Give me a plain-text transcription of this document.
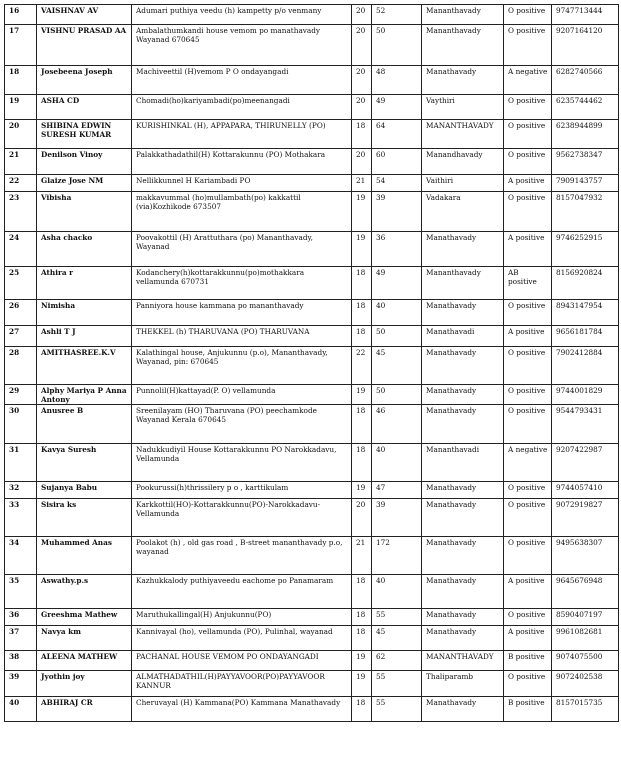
16	VAISHNAV AV	Adumari puthiya veedu (h) kampetty p/o venmany	20	52	Mananthavady	O positive	9747713444
17	VISHNU PRASAD AA	Ambalathumkandi house vemom po manathavady Wayanad 670645	20	50	Mananthavady	O positive	9207164120
18	Josebeena Joseph	Machiveettil (H)vemom P O ondayangadi	20	48	Manathavady	A negative	6282740566
19	ASHA CD	Chomadi(ho)kariyambadi(po)meenangadi	20	49	Vaythiri	O positive	6235744462
20	SHIBINA EDWIN SURESH KUMAR	KURISHINKAL (H), APPAPARA, THIRUNELLY (PO)	18	64	MANANTHAVADY	O positive	6238944899
21	Denilson Vinoy	Palakkathadathil(H) Kottarakunnu (PO) Mothakara	20	60	Manandhavady	O positive	9562738347
22	Glaize Jose NM	Nellikkunnel H Kariambadi PO	21	54	Vaithiri	A positive	7909143757
23	Vibisha	makkavummal (ho)mullambath(po) kakkattil (via)Kozhikode 673507	19	39	Vadakara	O positive	8157047932
24	Asha chacko	Poovakottil (H) Arattuthara (po) Mananthavady, Wayanad	19	36	Manathavady	A positive	9746252915
25	Athira r	Kodanchery(h)kottarakkunnu(po)mothakkara vellamunda 670731	18	49	Mananthavady	AB positive	8156920824
26	Nimisha	Panniyora house kammana po mananthavady	18	40	Manathavady	O positive	8943147954
27	Ashli T J	THEKKEL (h) THARUVANA (PO) THARUVANA	18	50	Manathavadi	A positive	9656181784
28	AMITHASREE.K.V	Kalathingal house, Anjukunnu (p.o), Mananthavady, Wayanad, pin: 670645	22	45	Manathavady	O positive	7902412884
29	Alphy Mariya P Anna Antony	Punnolil(H)kattayad(P. O) vellamunda	19	50	Manathavady	O positive	9744001829
30	Anusree B	Sreenilayam (HO) Tharuvana (PO) peechamkode Wayanad Kerala 670645	18	46	Manathavady	O positive	9544793431
31	Kavya Suresh	Nadukkudiyil House Kottarakkunnu PO Narokkadavu, Vellamunda	18	40	Mananthavadi	A negative	9207422987
32	Sujanya Babu	Pookurussi(h)thrissilery p o , karttikulam	19	47	Manathavady	O positive	9744057410
33	Sisira ks	Karkkottil(HO)-Kottarakkunnu(PO)-Narokkadavu-Vellamunda	20	39	Manathavady	O positive	9072919827
34	Muhammed Anas	Poolakot (h) , old gas road , B-street mananthavady p.o, wayanad	21	172	Manathavady	O positive	9495638307
35	Aswathy.p.s	Kazhukkalody puthiyaveedu eachome po Panamaram	18	40	Manathavady	A positive	9645676948
36	Greeshma Mathew	Maruthukallingal(H) Anjukunnu(PO)	18	55	Manathavady	O positive	8590407197
37	Navya km	Kannivayal (ho), vellamunda (PO), Pulinhal, wayanad	18	45	Manathavady	A positive	9961082681
38	ALEENA MATHEW	PACHANAL HOUSE VEMOM PO ONDAYANGADI	19	62	MANANTHAVADY	B positive	9074075500
39	Jyothin joy	ALMATHADATHIL(H)PAYYAVOOR(PO)PAYYAVOOR KANNUR	19	55	Thaliparamb	O positive	9072402538
40	ABHIRAJ CR	Cheruvayal (H) Kammana(PO) Kammana Manathavady	18	55	Manathavady	B positive	8157015735
